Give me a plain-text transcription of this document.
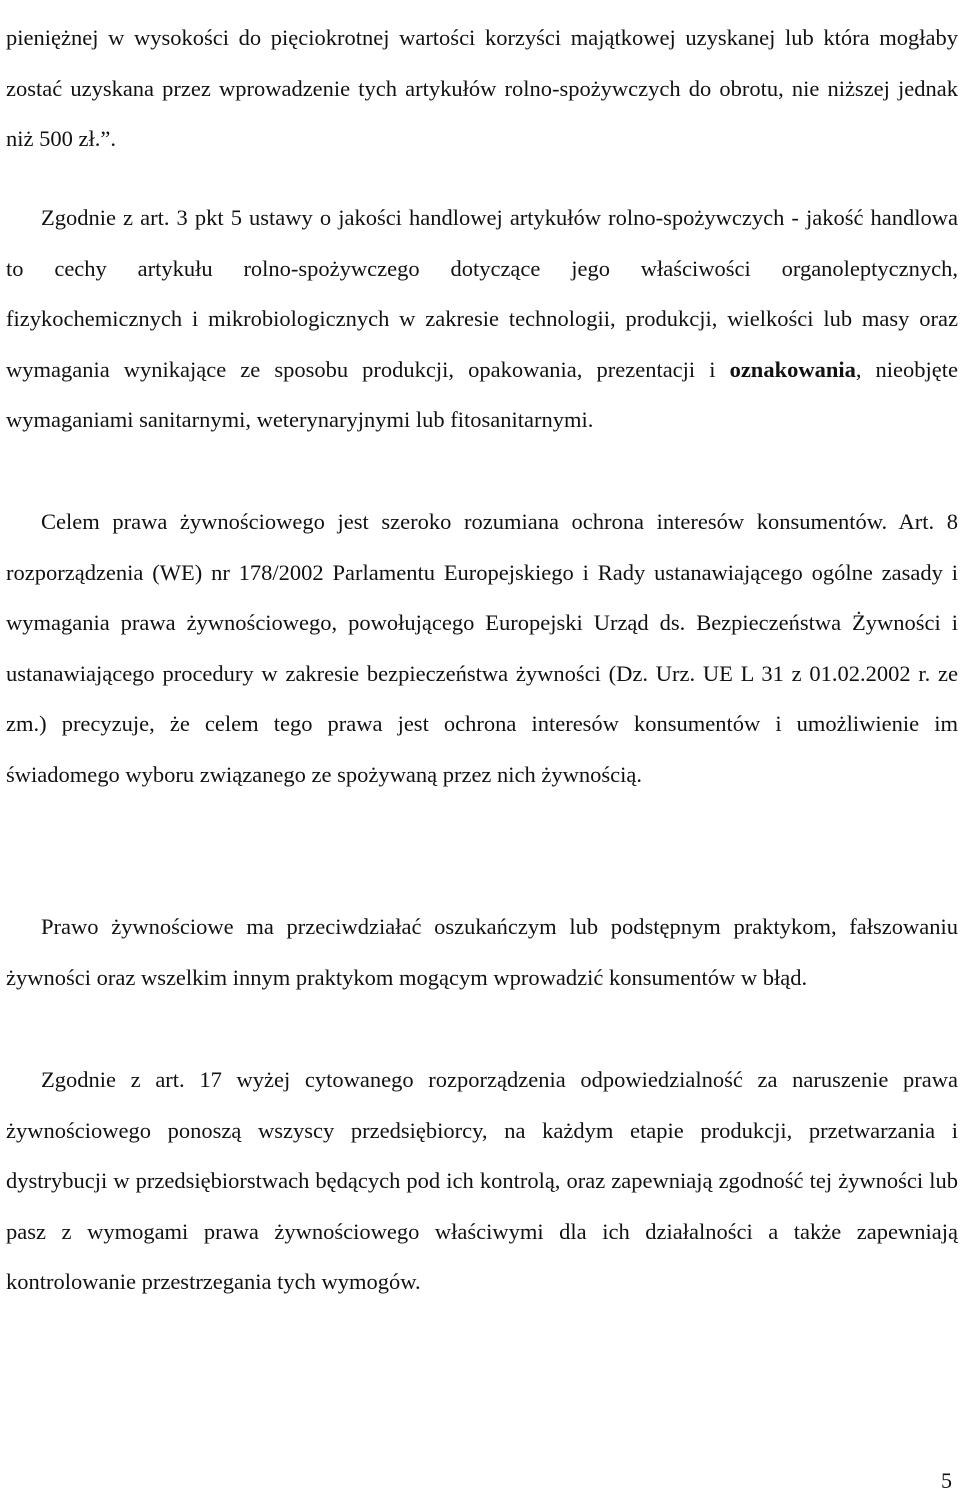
pieniężnej w wysokości do pięciokrotnej wartości korzyści majątkowej uzyskanej lub która mogłaby zostać uzyskana przez wprowadzenie tych artykułów rolno-spożywczych do obrotu, nie niższej jednak niż 500 zł.”.

Zgodnie z art. 3 pkt 5 ustawy o jakości handlowej artykułów rolno-spożywczych - jakość handlowa to cechy artykułu rolno-spożywczego dotyczące jego właściwości organoleptycznych, fizykochemicznych i mikrobiologicznych w zakresie technologii, produkcji, wielkości lub masy oraz wymagania wynikające ze sposobu produkcji, opakowania, prezentacji i oznakowania, nieobjęte wymaganiami sanitarnymi, weterynaryjnymi lub fitosanitarnymi.

Celem prawa żywnościowego jest szeroko rozumiana ochrona interesów konsumentów. Art. 8 rozporządzenia (WE) nr 178/2002 Parlamentu Europejskiego i Rady ustanawiającego ogólne zasady i wymagania prawa żywnościowego, powołującego Europejski Urząd ds. Bezpieczeństwa Żywności i ustanawiającego procedury w zakresie bezpieczeństwa żywności (Dz. Urz. UE L 31 z 01.02.2002 r. ze zm.) precyzuje, że celem tego prawa jest ochrona interesów konsumentów i umożliwienie im świadomego wyboru związanego ze spożywaną przez nich żywnością.

Prawo żywnościowe ma przeciwdziałać oszukańczym lub podstępnym praktykom, fałszowaniu żywności oraz wszelkim innym praktykom mogącym wprowadzić konsumentów w błąd.

Zgodnie z art. 17 wyżej cytowanego rozporządzenia odpowiedzialność za naruszenie prawa żywnościowego ponoszą wszyscy przedsiębiorcy, na każdym etapie produkcji, przetwarzania i dystrybucji w przedsiębiorstwach będących pod ich kontrolą, oraz zapewniają zgodność tej żywności lub pasz z wymogami prawa żywnościowego właściwymi dla ich działalności a także zapewniają kontrolowanie przestrzegania tych wymogów.

5
